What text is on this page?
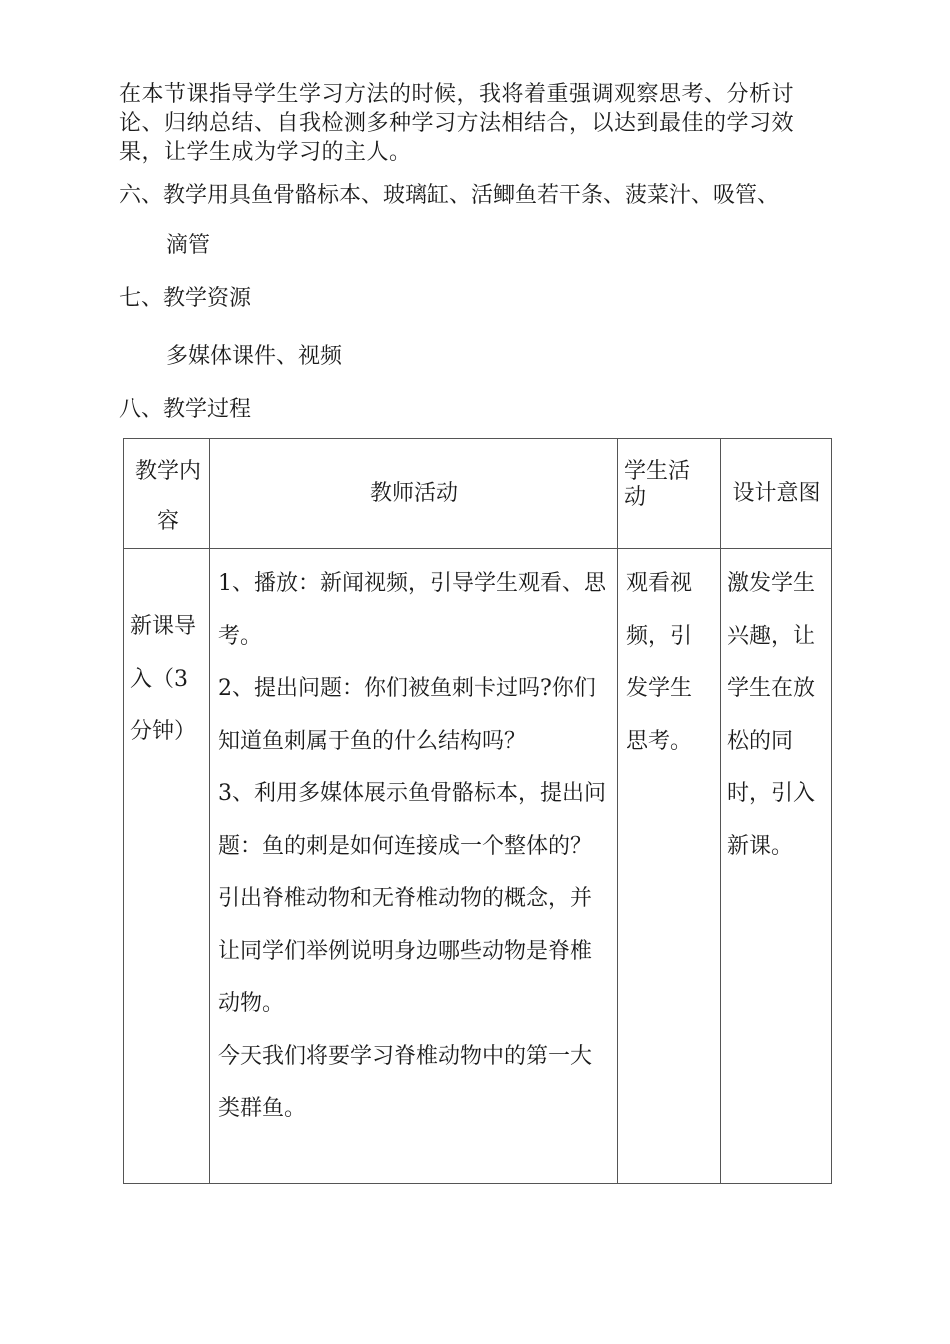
在本节课指导学生学习方法的时候，我将着重强调观察思考、分析讨论、归纳总结、自我检测多种学习方法相结合，以达到最佳的学习效果，让学生成为学习的主人。

六、教学用具鱼骨骼标本、玻璃缸、活鲫鱼若干条、菠菜汁、吸管、

滴管

七、教学资源

多媒体课件、视频

八、教学过程

教学内容	教师活动	学生活动	设计意图

新课导入（3分钟）	1、播放：新闻视频，引导学生观看、思考。
2、提出问题：你们被鱼刺卡过吗?你们知道鱼刺属于鱼的什么结构吗？
3、利用多媒体展示鱼骨骼标本，提出问题：鱼的刺是如何连接成一个整体的？引出脊椎动物和无脊椎动物的概念，并让同学们举例说明身边哪些动物是脊椎动物。
今天我们将要学习脊椎动物中的第一大类群鱼。	观看视频，引发学生思考。	激发学生兴趣，让学生在放松的同时，引入新课。
